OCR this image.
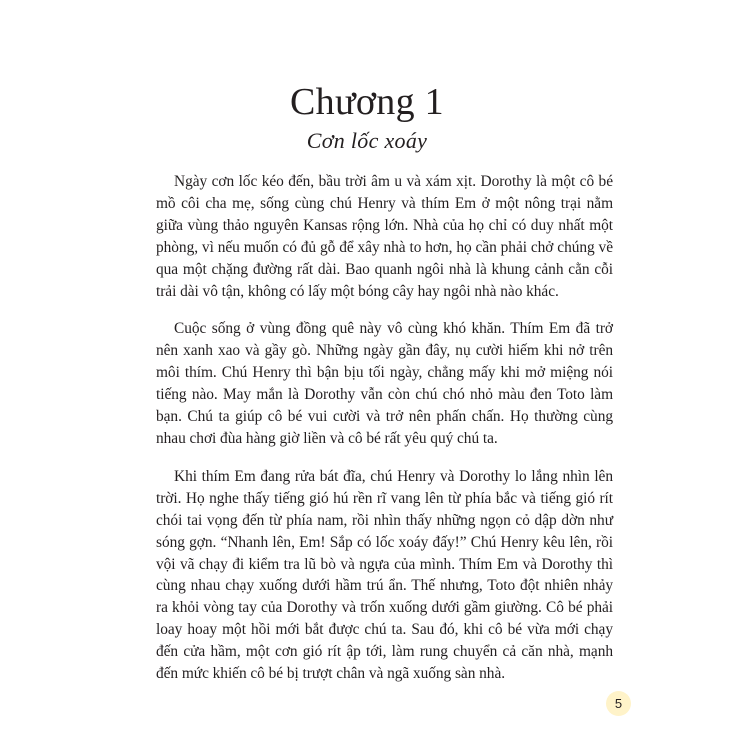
Chương 1
Cơn lốc xoáy

Ngày cơn lốc kéo đến, bầu trời âm u và xám xịt. Dorothy là một cô bé mồ côi cha mẹ, sống cùng chú Henry và thím Em ở một nông trại nằm giữa vùng thảo nguyên Kansas rộng lớn. Nhà của họ chỉ có duy nhất một phòng, vì nếu muốn có đủ gỗ để xây nhà to hơn, họ cần phải chở chúng về qua một chặng đường rất dài. Bao quanh ngôi nhà là khung cảnh cằn cỗi trải dài vô tận, không có lấy một bóng cây hay ngôi nhà nào khác.

Cuộc sống ở vùng đồng quê này vô cùng khó khăn. Thím Em đã trở nên xanh xao và gầy gò. Những ngày gần đây, nụ cười hiếm khi nở trên môi thím. Chú Henry thì bận bịu tối ngày, chẳng mấy khi mở miệng nói tiếng nào. May mắn là Dorothy vẫn còn chú chó nhỏ màu đen Toto làm bạn. Chú ta giúp cô bé vui cười và trở nên phấn chấn. Họ thường cùng nhau chơi đùa hàng giờ liền và cô bé rất yêu quý chú ta.

Khi thím Em đang rửa bát đĩa, chú Henry và Dorothy lo lắng nhìn lên trời. Họ nghe thấy tiếng gió hú rền rĩ vang lên từ phía bắc và tiếng gió rít chói tai vọng đến từ phía nam, rồi nhìn thấy những ngọn cỏ dập dờn như sóng gợn. “Nhanh lên, Em! Sắp có lốc xoáy đấy!” Chú Henry kêu lên, rồi vội vã chạy đi kiểm tra lũ bò và ngựa của mình. Thím Em và Dorothy thì cùng nhau chạy xuống dưới hầm trú ẩn. Thế nhưng, Toto đột nhiên nhảy ra khỏi vòng tay của Dorothy và trốn xuống dưới gầm giường. Cô bé phải loay hoay một hồi mới bắt được chú ta. Sau đó, khi cô bé vừa mới chạy đến cửa hầm, một cơn gió rít ập tới, làm rung chuyển cả căn nhà, mạnh đến mức khiến cô bé bị trượt chân và ngã xuống sàn nhà.

5
